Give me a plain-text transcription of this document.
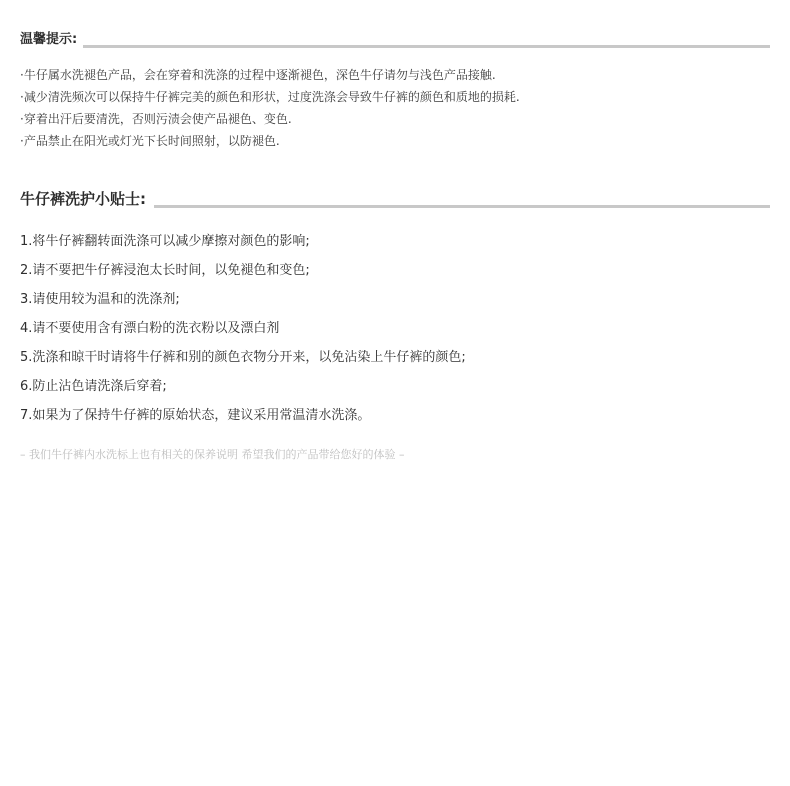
温馨提示:
·牛仔属水洗褪色产品，会在穿着和洗涤的过程中逐渐褪色，深色牛仔请勿与浅色产品接触.
·减少清洗频次可以保持牛仔裤完美的颜色和形状，过度洗涤会导致牛仔裤的颜色和质地的损耗.
·穿着出汗后要清洗，否则污渍会使产品褪色、变色.
·产品禁止在阳光或灯光下长时间照射，以防褪色.
牛仔裤洗护小贴士:
1.将牛仔裤翻转面洗涤可以减少摩擦对颜色的影响;
2.请不要把牛仔裤浸泡太长时间，以免褪色和变色;
3.请使用较为温和的洗涤剂;
4.请不要使用含有漂白粉的洗衣粉以及漂白剂
5.洗涤和晾干时请将牛仔裤和别的颜色衣物分开来，以免沾染上牛仔裤的颜色;
6.防止沾色请洗涤后穿着;
7.如果为了保持牛仔裤的原始状态，建议采用常温清水洗涤。
– 我们牛仔裤内水洗标上也有相关的保养说明 希望我们的产品带给您好的体验 –
